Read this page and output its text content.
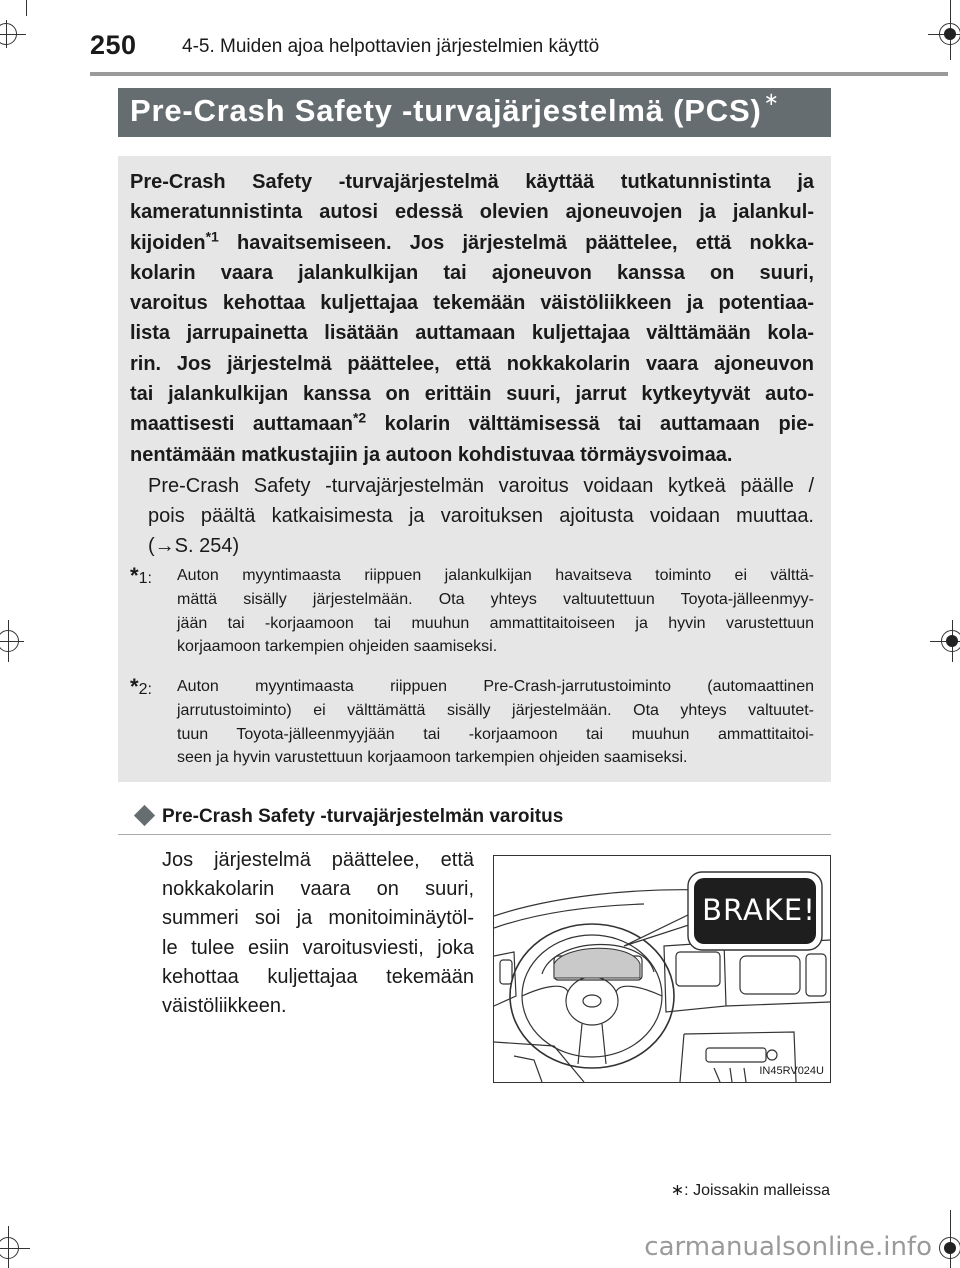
250 4-5. Muiden ajoa helpottavien järjestelmien käyttö
Pre-Crash Safety -turvajärjestelmä (PCS) ∗
Pre-Crash Safety -turvajärjestelmä käyttää tutkatunnistinta ja
kameratunnistinta autosi edessä olevien ajoneuvojen ja jalankul-
kijoiden$^{*1}$ havaitsemiseen. Jos järjestelmä päättelee, että nokka-
kolarin vaara jalankulkijan tai ajoneuvon kanssa on suuri,
varoitus kehottaa kuljettajaa tekemään väistöliikkeen ja potentiaa-
lista jarrupainetta lisätään auttamaan kuljettajaa välttämään kola-
rin. Jos järjestelmä päättelee, että nokkakolarin vaara ajoneuvon
tai jalankulkijan kanssa on erittäin suuri, jarrut kytkeytyvät auto-
maattisesti auttamaan$^{*2}$ kolarin välttämisessä tai auttamaan pie-
nentämään matkustajiin ja autoon kohdistuvaa törmäysvoimaa.
Pre-Crash Safety -turvajärjestelmän varoitus voidaan kytkeä päälle /
pois päältä katkaisimesta ja varoituksen ajoitusta voidaan muuttaa.
(→S. 254)
*1: Auton myyntimaasta riippuen jalankulkijan havaitseva toiminto ei välttä-
mättä sisälly järjestelmään. Ota yhteys valtuutettuun Toyota-jälleenmyy-
jään tai -korjaamoon tai muuhun ammattitaitoiseen ja hyvin varustettuun
korjaamoon tarkempien ohjeiden saamiseksi.
*2: Auton myyntimaasta riippuen Pre-Crash-jarrutustoiminto (automaattinen
jarrutustoiminto) ei välttämättä sisälly järjestelmään. Ota yhteys valtuutet-
tuun Toyota-jälleenmyyjään tai -korjaamoon tai muuhun ammattitaitoi-
seen ja hyvin varustettuun korjaamoon tarkempien ohjeiden saamiseksi.
Pre-Crash Safety -turvajärjestelmän varoitus
Jos järjestelmä päättelee, että
nokkakolarin vaara on suuri,
summeri soi ja monitoiminäytöl-
le tulee esiin varoitusviesti, joka
kehottaa kuljettajaa tekemään
väistöliikkeen.
BRAKE!
IN45RV024U
∗: Joissakin malleissa
carmanualsonline.info
